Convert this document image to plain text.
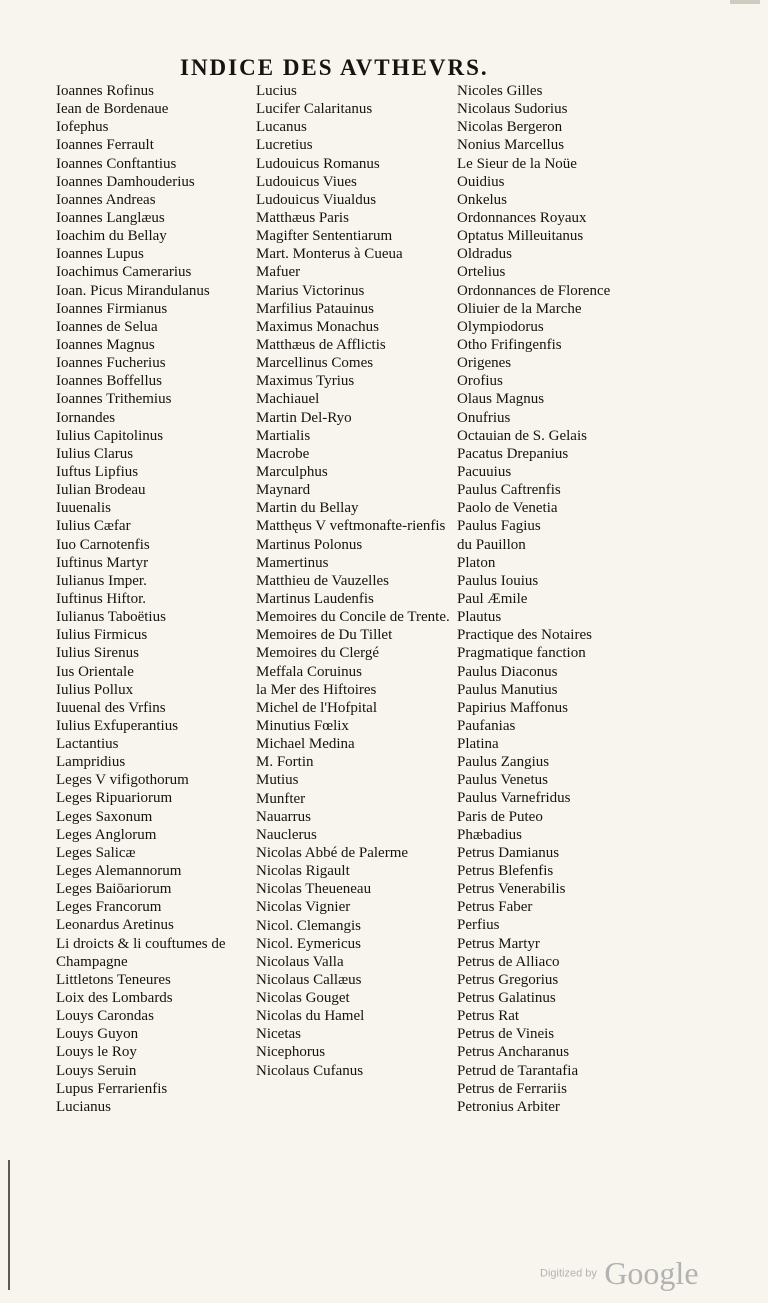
INDICE DES AVTHEVRS.
Ioannes Rofinus
Iean de Bordenaue
Iofephus
Ioannes Ferrault
Ioannes Conftantius
Ioannes Damhouderius
Ioannes Andreas
Ioannes Langlæus
Ioachim du Bellay
Ioannes Lupus
Ioachimus Camerarius
Ioan. Picus Mirandulanus
Ioannes Firmianus
Ioannes de Selua
Ioannes Magnus
Ioannes Fucherius
Ioannes Boffellus
Ioannes Trithemius
Iornandes
Iulius Capitolinus
Iulius Clarus
Iuftus Lipfius
Iulian Brodeau
Iuuenalis
Iulius Cæfar
Iuo Carnotenfis
Iuftinus Martyr
Iulianus Imper.
Iuftinus Hiftor.
Iulianus Taboëtius
Iulius Firmicus
Iulius Sirenus
Ius Orientale
Iulius Pollux
Iuuenal des Vrfins
Iulius Exfuperantius
Lactantius
Lampridius
Leges V vifigothorum
Leges Ripuariorum
Leges Saxonum
Leges Anglorum
Leges Salicæ
Leges Alemannorum
Leges Baiōariorum
Leges Francorum
Leonardus Aretinus
Li droicts & li couftumes de Champagne
Littletons Teneures
Loix des Lombards
Louys Carondas
Louys Guyon
Louys le Roy
Louys Seruin
Lupus Ferrarienfis
Lucianus
Lucius
Lucifer Calaritanus
Lucanus
Lucretius
Ludouicus Romanus
Ludouicus Viues
Ludouicus Viualdus
Matthæus Paris
Magifter Sententiarum
Mart. Monterus à Cueua
Mafuer
Marius Victorinus
Marfilius Patauinus
Maximus Monachus
Matthæus de Afflictis
Marcellinus Comes
Maximus Tyrius
Machiauel
Martin Del-Ryo
Martialis
Macrobe
Marculphus
Maynard
Martin du Bellay
Matthęus V veftmonafte-rienfis
Martinus Polonus
Mamertinus
Matthieu de Vauzelles
Martinus Laudenfis
Memoires du Concile de Trente.
Memoires de Du Tillet
Memoires du Clergé
Meffala Coruinus
la Mer des Hiftoires
Michel de l'Hofpital
Minutius Fœlix
Michael Medina
M. Fortin
Mutius
Munfter
Nauarrus
Nauclerus
Nicolas Abbé de Palerme
Nicolas Rigault
Nicolas Theueneau
Nicolas Vignier
Nicol. Clemangis
Nicol. Eymericus
Nicolaus Valla
Nicolaus Callæus
Nicolas Gouget
Nicolas du Hamel
Nicetas
Nicephorus
Nicolaus Cufanus
Nicoles Gilles
Nicolaus Sudorius
Nicolas Bergeron
Nonius Marcellus
Le Sieur de la Noüe
Ouidius
Onkelus
Ordonnances Royaux
Optatus Milleuitanus
Oldradus
Ortelius
Ordonnances de Florence
Oliuier de la Marche
Olympiodorus
Otho Frifingenfis
Origenes
Orofius
Olaus Magnus
Onufrius
Octauian de S. Gelais
Pacatus Drepanius
Pacuuius
Paulus Caftrenfis
Paolo de Venetia
Paulus Fagius
du Pauillon
Platon
Paulus Iouius
Paul Æmile
Plautus
Practique des Notaires
Pragmatique fanction
Paulus Diaconus
Paulus Manutius
Papirius Maffonus
Paufanias
Platina
Paulus Zangius
Paulus Venetus
Paulus Varnefridus
Paris de Puteo
Phæbadius
Petrus Damianus
Petrus Blefenfis
Petrus Venerabilis
Petrus Faber
Perfius
Petrus Martyr
Petrus de Alliaco
Petrus Gregorius
Petrus Galatinus
Petrus Rat
Petrus de Vineis
Petrus Ancharanus
Petrud de Tarantafia
Petrus de Ferrariis
Petronius Arbiter
Digitized by Google
